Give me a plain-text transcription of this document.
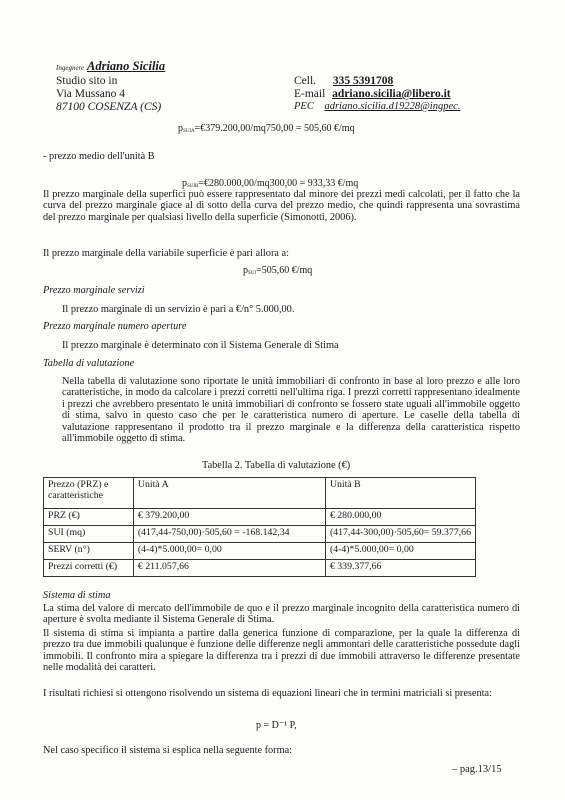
Ingegnere Adriano Sicilia
Studio sito in
Via Mussano 4
87100 COSENZA (CS)
Cell. 335 5391708
E-mail adriano.sicilia@libero.it
PEC adriano.sicilia.d19228@ingpec.
$p_{SUIA}=€379.200,00/mq750,00 = 505,60$ €/mq
- prezzo medio dell'unità B
$p_{SUIB}=€280.000,00/mq300,00 = 933,33$ €/mq
Il prezzo marginale della superfici può essere rappresentato dal minore dei prezzi medi calcolati, per il fatto che la curva del prezzo marginale giace al di sotto della curva del prezzo medio, che quindi rappresenta una sovrastima del prezzo marginale per qualsiasi livello della superficie (Simonotti, 2006).
Il prezzo marginale della variabile superficie è pari allora a:
$p_{SUI}=505,60$ €/mq
Prezzo marginale servizi
Il prezzo marginale di un servizio è pari a €/n° 5.000,00.
Prezzo marginale numero aperture
Il prezzo marginale è determinato con il Sistema Generale di Stima
Tabella di valutazione
Nella tabella di valutazione sono riportate le unità immobiliari di confronto in base al loro prezzo e alle loro caratteristiche, in modo da calcolare i prezzi corretti nell'ultima riga. I prezzi corretti rappresentano idealmente i prezzi che avrebbero presentato le unità immobiliari di confronto se fossero state uguali all'immobile oggetto di stima, salvo in questo caso che per le caratteristica numero di aperture. Le caselle della tabella di valutazione rappresentano il prodotto tra il prezzo marginale e la differenza della caratteristica rispetto all'immobile oggetto di stima.
Tabella 2. Tabella di valutazione (€)
Prezzo (PRZ) e caratteristiche	Unità A	Unità B
PRZ (€)	€ 379.200,00	€ 280.000,00
SUI (mq)	(417,44-750,00)·505,60 = -168.142,34	(417,44-300,00)·505,60= 59.377,66
SERV (n°)	(4-4)*5.000,00= 0,00	(4-4)*5.000,00= 0,00
Prezzi corretti (€)	€ 211.057,66	€ 339.377,66
Sistema di stima
La stima del valore di mercato dell'immobile de quo e il prezzo marginale incognito della caratteristica numero di aperture è svolta mediante il Sistema Generale di Stima.
Il sistema di stima si impianta a partire dalla generica funzione di comparazione, per la quale la differenza di prezzo tra due immobili qualunque è funzione delle differenze negli ammontari delle caratteristiche possedute dagli immobili. Il confronto mira a spiegare la differenza tra i prezzi di due immobili attraverso le differenze presentate nelle modalità dei caratteri.
I risultati richiesi si ottengono risolvendo un sistema di equazioni lineari che in termini matriciali si presenta:
p = D⁻¹ P,
Nel caso specifico il sistema si esplica nella seguente forma:
– pag.13/15
